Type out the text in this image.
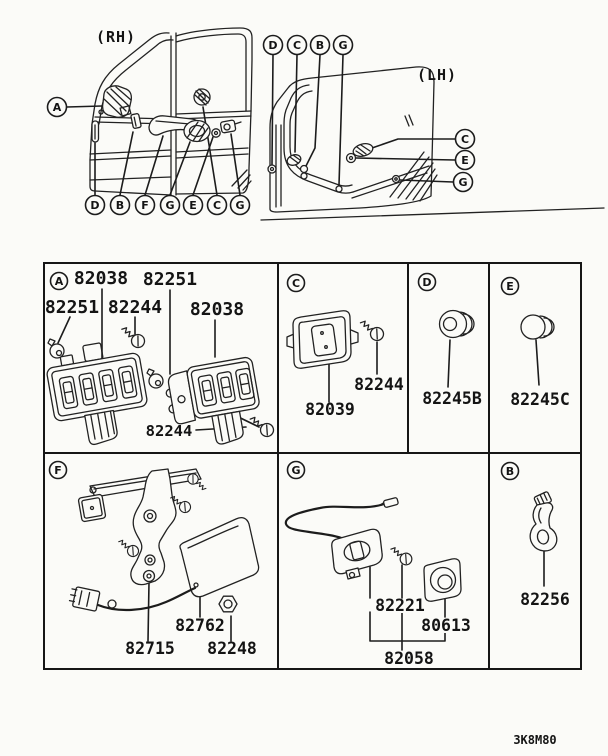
(RH)
(LH)
A
D B F G E C G
D C B G
C
E
G
A 82038 82251
82251 82244 82038
82244
C
82244
82039
D
82245B
E
82245C
F
82762
82715 82248
G
82221
80613
82058
B
82256
3K8M80
